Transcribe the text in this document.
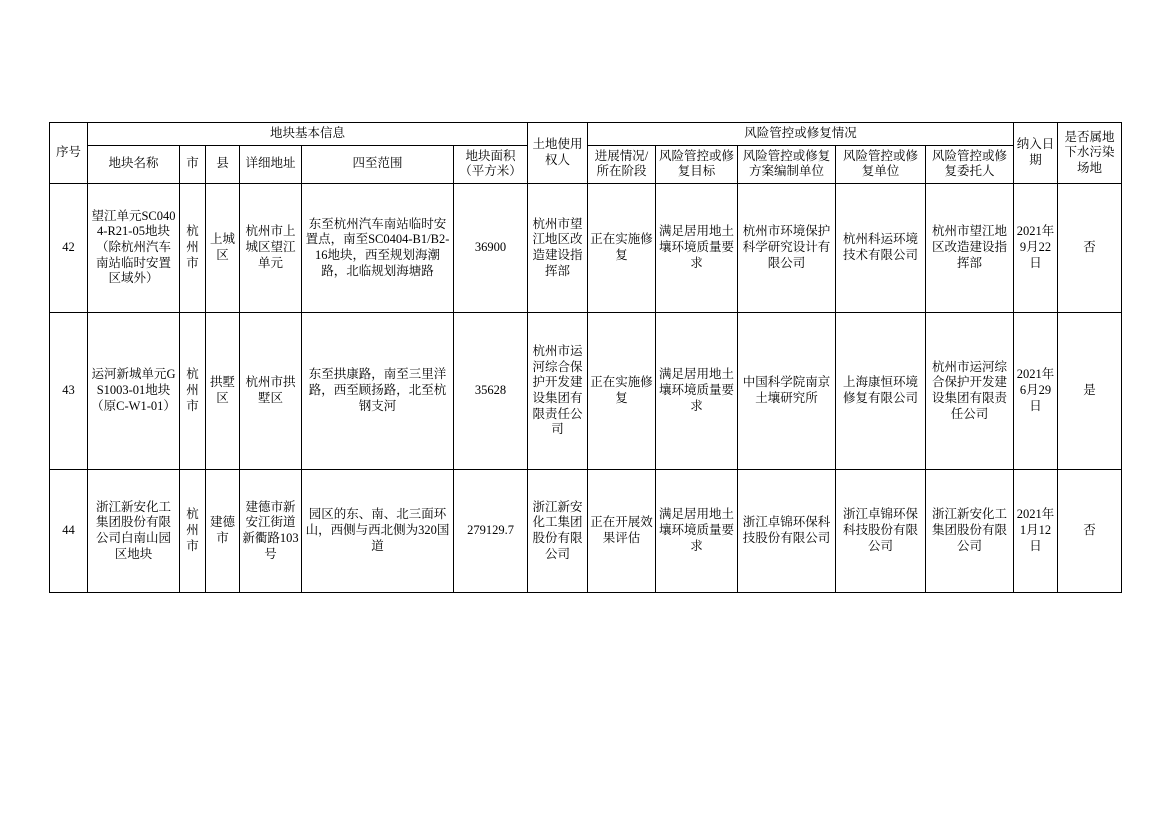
序号	地块基本信息						土地使用权人	风险管控或修复情况					纳入日期	是否属地下水污染场地
	地块名称	市	县	详细地址	四至范围	地块面积（平方米）		进展情况/所在阶段	风险管控或修复目标	风险管控或修复方案编制单位	风险管控或修复单位	风险管控或修复委托人		
42	望江单元SC0404-R21-05地块（除杭州汽车南站临时安置区域外）	杭州市	上城区	杭州市上城区望江单元	东至杭州汽车南站临时安置点，南至SC0404-B1/B2-16地块，西至规划海潮路，北临规划海塘路	36900	杭州市望江地区改造建设指挥部	正在实施修复	满足居用地土壤环境质量要求	杭州市环境保护科学研究设计有限公司	杭州科运环境技术有限公司	杭州市望江地区改造建设指挥部	2021年9月22日	否
43	运河新城单元GS1003-01地块（原C-W1-01）	杭州市	拱墅区	杭州市拱墅区	东至拱康路，南至三里洋路，西至顾扬路，北至杭钢支河	35628	杭州市运河综合保护开发建设集团有限责任公司	正在实施修复	满足居用地土壤环境质量要求	中国科学院南京土壤研究所	上海康恒环境修复有限公司	杭州市运河综合保护开发建设集团有限责任公司	2021年6月29日	是
44	浙江新安化工集团股份有限公司白南山园区地块	杭州市	建德市	建德市新安江街道新衢路103号	园区的东、南、北三面环山，西侧与西北侧为320国道	279129.7	浙江新安化工集团股份有限公司	正在开展效果评估	满足居用地土壤环境质量要求	浙江卓锦环保科技股份有限公司	浙江卓锦环保科技股份有限公司	浙江新安化工集团股份有限公司	2021年1月12日	否
